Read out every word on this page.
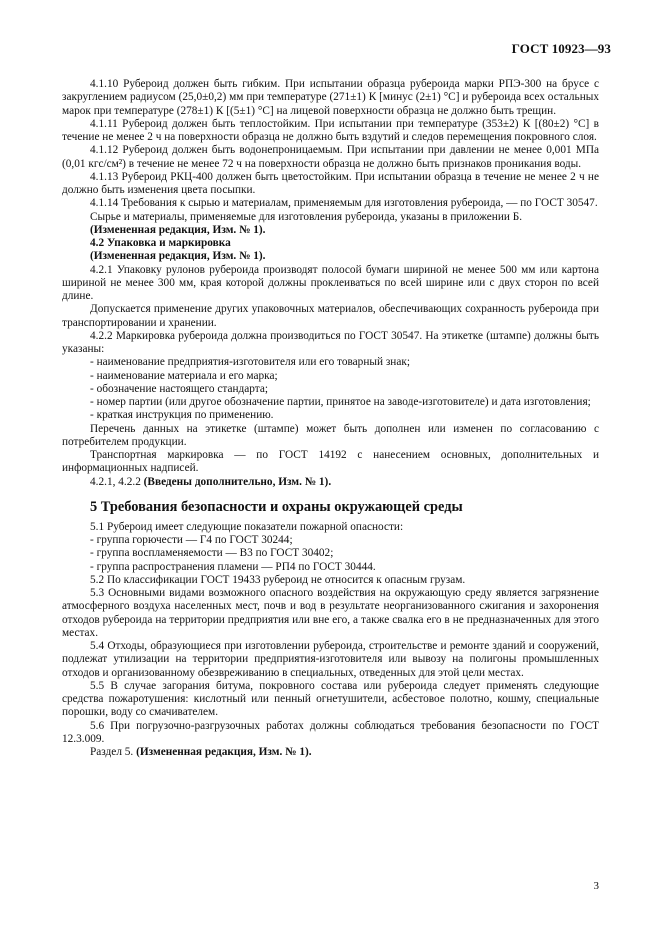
ГОСТ 10923—93

4.1.10 Рубероид должен быть гибким. При испытании образца рубероида марки РПЭ-300 на брусе с закруглением радиусом (25,0±0,2) мм при температуре (271±1) К [минус (2±1) °С] и рубероида всех остальных марок при температуре (278±1) К [(5±1) °С] на лицевой поверхности образца не должно быть трещин.

4.1.11 Рубероид должен быть теплостойким. При испытании при температуре (353±2) К [(80±2) °С] в течение не менее 2 ч на поверхности образца не должно быть вздутий и следов перемещения покровного слоя.

4.1.12 Рубероид должен быть водонепроницаемым. При испытании при давлении не менее 0,001 МПа (0,01 кгс/см²) в течение не менее 72 ч на поверхности образца не должно быть признаков проникания воды.

4.1.13 Рубероид РКЦ-400 должен быть цветостойким. При испытании образца в течение не менее 2 ч не должно быть изменения цвета посыпки.

4.1.14 Требования к сырью и материалам, применяемым для изготовления рубероида, — по ГОСТ 30547.

Сырье и материалы, применяемые для изготовления рубероида, указаны в приложении Б.

(Измененная редакция, Изм. № 1).

4.2 Упаковка и маркировка

(Измененная редакция, Изм. № 1).

4.2.1 Упаковку рулонов рубероида производят полосой бумаги шириной не менее 500 мм или картона шириной не менее 300 мм, края которой должны проклеиваться по всей ширине или с двух сторон по всей длине.

Допускается применение других упаковочных материалов, обеспечивающих сохранность рубероида при транспортировании и хранении.

4.2.2 Маркировка рубероида должна производиться по ГОСТ 30547. На этикетке (штампе) должны быть указаны:

- наименование предприятия-изготовителя или его товарный знак;

- наименование материала и его марка;

- обозначение настоящего стандарта;

- номер партии (или другое обозначение партии, принятое на заводе-изготовителе) и дата изготовления;

- краткая инструкция по применению.

Перечень данных на этикетке (штампе) может быть дополнен или изменен по согласованию с потребителем продукции.

Транспортная маркировка — по ГОСТ 14192 с нанесением основных, дополнительных и информационных надписей.

4.2.1, 4.2.2 (Введены дополнительно, Изм. № 1).

5 Требования безопасности и охраны окружающей среды

5.1 Рубероид имеет следующие показатели пожарной опасности:

- группа горючести — Г4 по ГОСТ 30244;

- группа воспламеняемости — В3 по ГОСТ 30402;

- группа распространения пламени — РП4 по ГОСТ 30444.

5.2 По классификации ГОСТ 19433 рубероид не относится к опасным грузам.

5.3 Основными видами возможного опасного воздействия на окружающую среду является загрязнение атмосферного воздуха населенных мест, почв и вод в результате неорганизованного сжигания и захоронения отходов рубероида на территории предприятия или вне его, а также свалка его в не предназначенных для этого местах.

5.4 Отходы, образующиеся при изготовлении рубероида, строительстве и ремонте зданий и сооружений, подлежат утилизации на территории предприятия-изготовителя или вывозу на полигоны промышленных отходов и организованному обезвреживанию в специальных, отведенных для этой цели местах.

5.5 В случае загорания битума, покровного состава или рубероида следует применять следующие средства пожаротушения: кислотный или пенный огнетушители, асбестовое полотно, кошму, специальные порошки, воду со смачивателем.

5.6 При погрузочно-разгрузочных работах должны соблюдаться требования безопасности по ГОСТ 12.3.009.

Раздел 5. (Измененная редакция, Изм. № 1).

3
